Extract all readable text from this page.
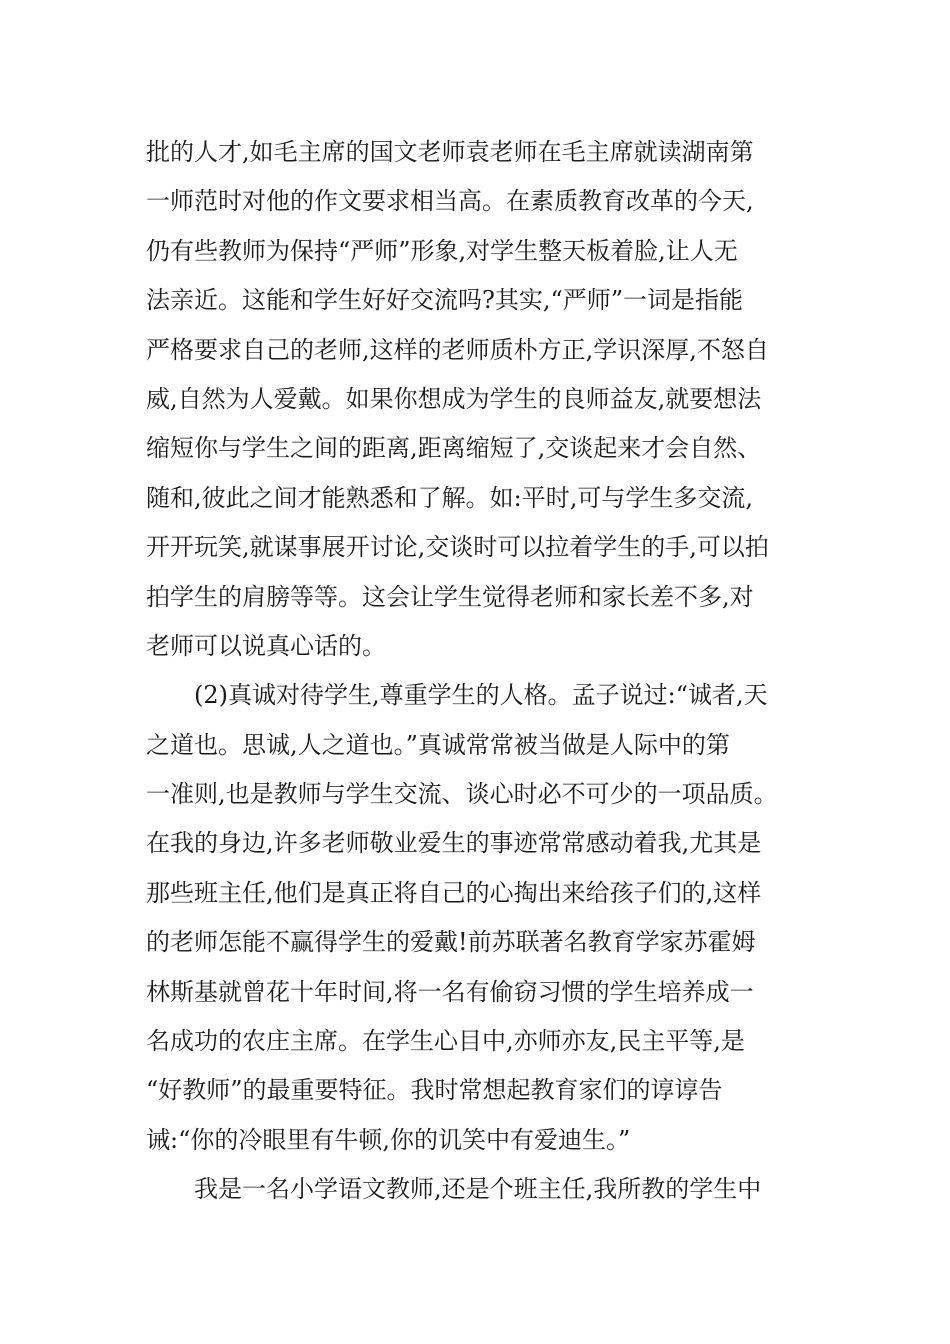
批的人才,如毛主席的国文老师袁老师在毛主席就读湖南第
一师范时对他的作文要求相当高。在素质教育改革的今天,
仍有些教师为保持“严师”形象,对学生整天板着脸,让人无
法亲近。这能和学生好好交流吗?其实,“严师”一词是指能
严格要求自己的老师,这样的老师质朴方正,学识深厚,不怒自
威,自然为人爱戴。如果你想成为学生的良师益友,就要想法
缩短你与学生之间的距离,距离缩短了,交谈起来才会自然、
随和,彼此之间才能熟悉和了解。如:平时,可与学生多交流,
开开玩笑,就谋事展开讨论,交谈时可以拉着学生的手,可以拍
拍学生的肩膀等等。这会让学生觉得老师和家长差不多,对
老师可以说真心话的。
(2)真诚对待学生,尊重学生的人格。孟子说过:“诚者,天
之道也。思诚,人之道也。”真诚常常被当做是人际中的第
一准则,也是教师与学生交流、谈心时必不可少的一项品质。
在我的身边,许多老师敬业爱生的事迹常常感动着我,尤其是
那些班主任,他们是真正将自己的心掏出来给孩子们的,这样
的老师怎能不赢得学生的爱戴!前苏联著名教育学家苏霍姆
林斯基就曾花十年时间,将一名有偷窃习惯的学生培养成一
名成功的农庄主席。在学生心目中,亦师亦友,民主平等,是
“好教师”的最重要特征。我时常想起教育家们的谆谆告
诫:“你的冷眼里有牛顿,你的讥笑中有爱迪生。”
我是一名小学语文教师,还是个班主任,我所教的学生中
